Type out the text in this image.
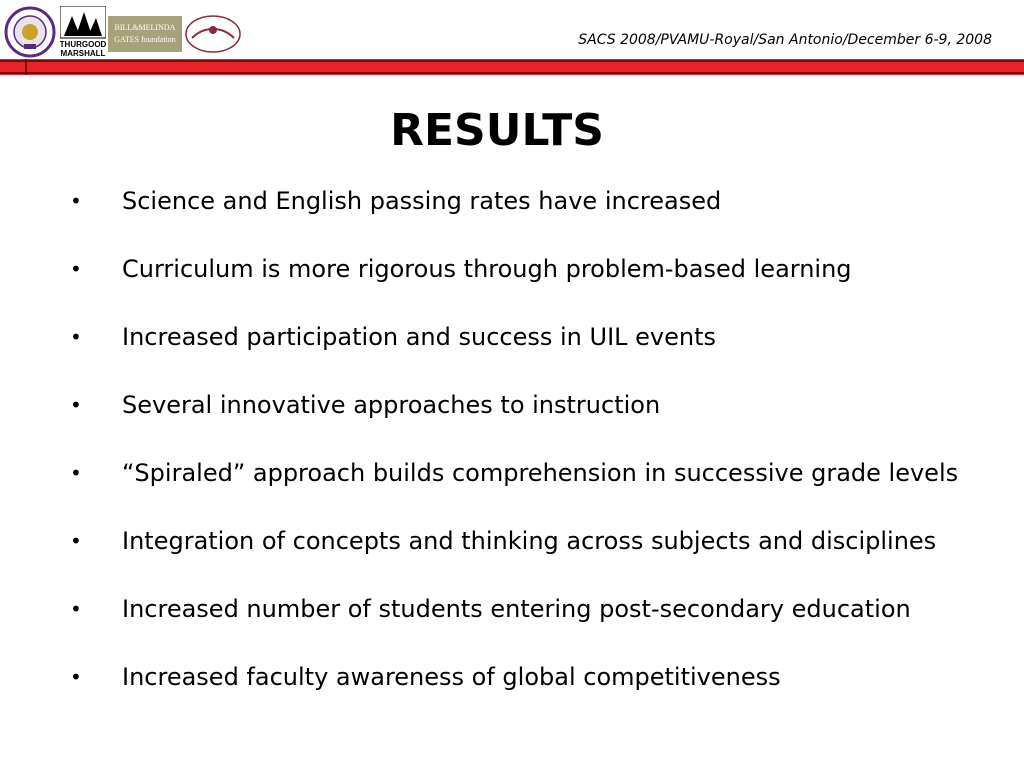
THURGOOD
MARSHALL
BILL&MELINDA
GATES foundation	SACS 2008/PVAMU-Royal/San Antonio/December 6-9, 2008
RESULTS
• Science and English passing rates have increased
• Curriculum is more rigorous through problem-based learning
• Increased participation and success in UIL events
• Several innovative approaches to instruction
• “Spiraled” approach builds comprehension in successive grade levels
• Integration of concepts and thinking across subjects and disciplines
• Increased number of students entering post-secondary education
• Increased faculty awareness of global competitiveness
